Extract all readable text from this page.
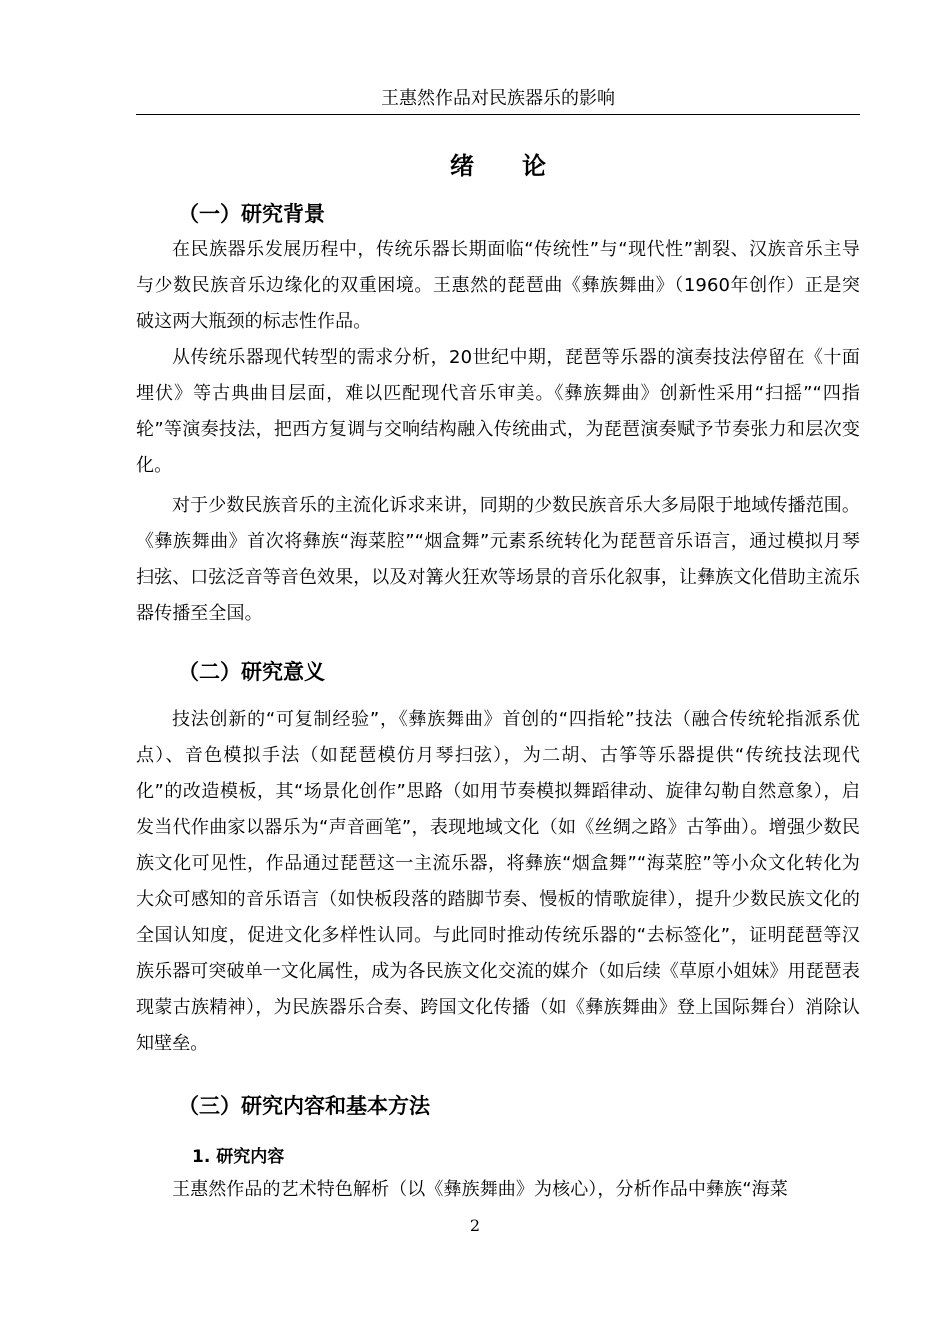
王惠然作品对民族器乐的影响
绪论
（一）研究背景

在民族器乐发展历程中，传统乐器长期面临“传统性”与“现代性”割裂、汉族音乐主导与少数民族音乐边缘化的双重困境。王惠然的琵琶曲《彝族舞曲》（1960年创作）正是突破这两大瓶颈的标志性作品。

从传统乐器现代转型的需求分析，20世纪中期，琵琶等乐器的演奏技法停留在《十面埋伏》等古典曲目层面，难以匹配现代音乐审美。《彝族舞曲》创新性采用“扫摇”“四指轮”等演奏技法，把西方复调与交响结构融入传统曲式，为琵琶演奏赋予节奏张力和层次变化。

对于少数民族音乐的主流化诉求来讲，同期的少数民族音乐大多局限于地域传播范围。《彝族舞曲》首次将彝族“海菜腔”“烟盒舞”元素系统转化为琵琶音乐语言，通过模拟月琴扫弦、口弦泛音等音色效果，以及对篝火狂欢等场景的音乐化叙事，让彝族文化借助主流乐器传播至全国。

（二）研究意义

技法创新的“可复制经验”，《彝族舞曲》首创的“四指轮”技法（融合传统轮指派系优点）、音色模拟手法（如琵琶模仿月琴扫弦），为二胡、古筝等乐器提供“传统技法现代化”的改造模板，其“场景化创作”思路（如用节奏模拟舞蹈律动、旋律勾勒自然意象），启发当代作曲家以器乐为“声音画笔”，表现地域文化（如《丝绸之路》古筝曲）。增强少数民族文化可见性，作品通过琵琶这一主流乐器，将彝族“烟盒舞”“海菜腔”等小众文化转化为大众可感知的音乐语言（如快板段落的踏脚节奏、慢板的情歌旋律），提升少数民族文化的全国认知度，促进文化多样性认同。与此同时推动传统乐器的“去标签化”，证明琵琶等汉族乐器可突破单一文化属性，成为各民族文化交流的媒介（如后续《草原小姐妹》用琵琶表现蒙古族精神），为民族器乐合奏、跨国文化传播（如《彝族舞曲》登上国际舞台）消除认知壁垒。

（三）研究内容和基本方法
1. 研究内容

王惠然作品的艺术特色解析（以《彝族舞曲》为核心），分析作品中彝族“海菜

2
